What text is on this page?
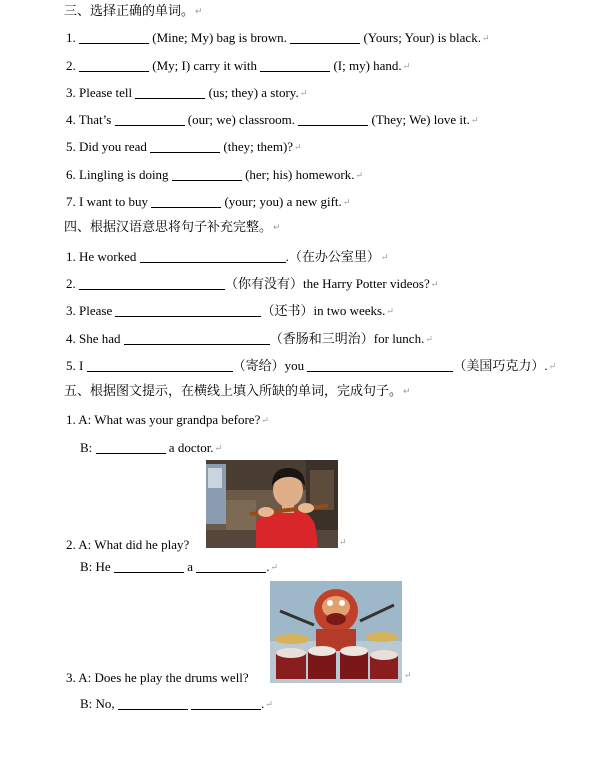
三、选择正确的单词。↵
1.	(Mine; My) bag is brown.	(Yours; Your) is black.↵
2.	(My; I) carry it with	(I; my) hand.↵
3. Please tell	(us; they) a story.↵
4. That’s	(our; we) classroom.	(They; We) love it.↵
5. Did you read	(they; them)?↵
6. Lingling is doing	(her; his) homework.↵
7. I want to buy	(your; you) a new gift.↵
四、根据汉语意思将句子补充完整。↵
1. He worked	.（在办公室里）↵
2.	（你有没有）the Harry Potter videos?↵
3. Please	（还书）in two weeks.↵
4. She had	（香肠和三明治）for lunch.↵
5. I	（寄给）you	（美国巧克力）.↵
五、根据图文提示，在横线上填入所缺的单词，完成句子。↵
1. A: What was your grandpa before?↵
B:	a doctor.↵
2. A: What did he play?	↵
B: He	a	.↵
3. A: Does he play the drums well?	↵
B: No,	.↵
